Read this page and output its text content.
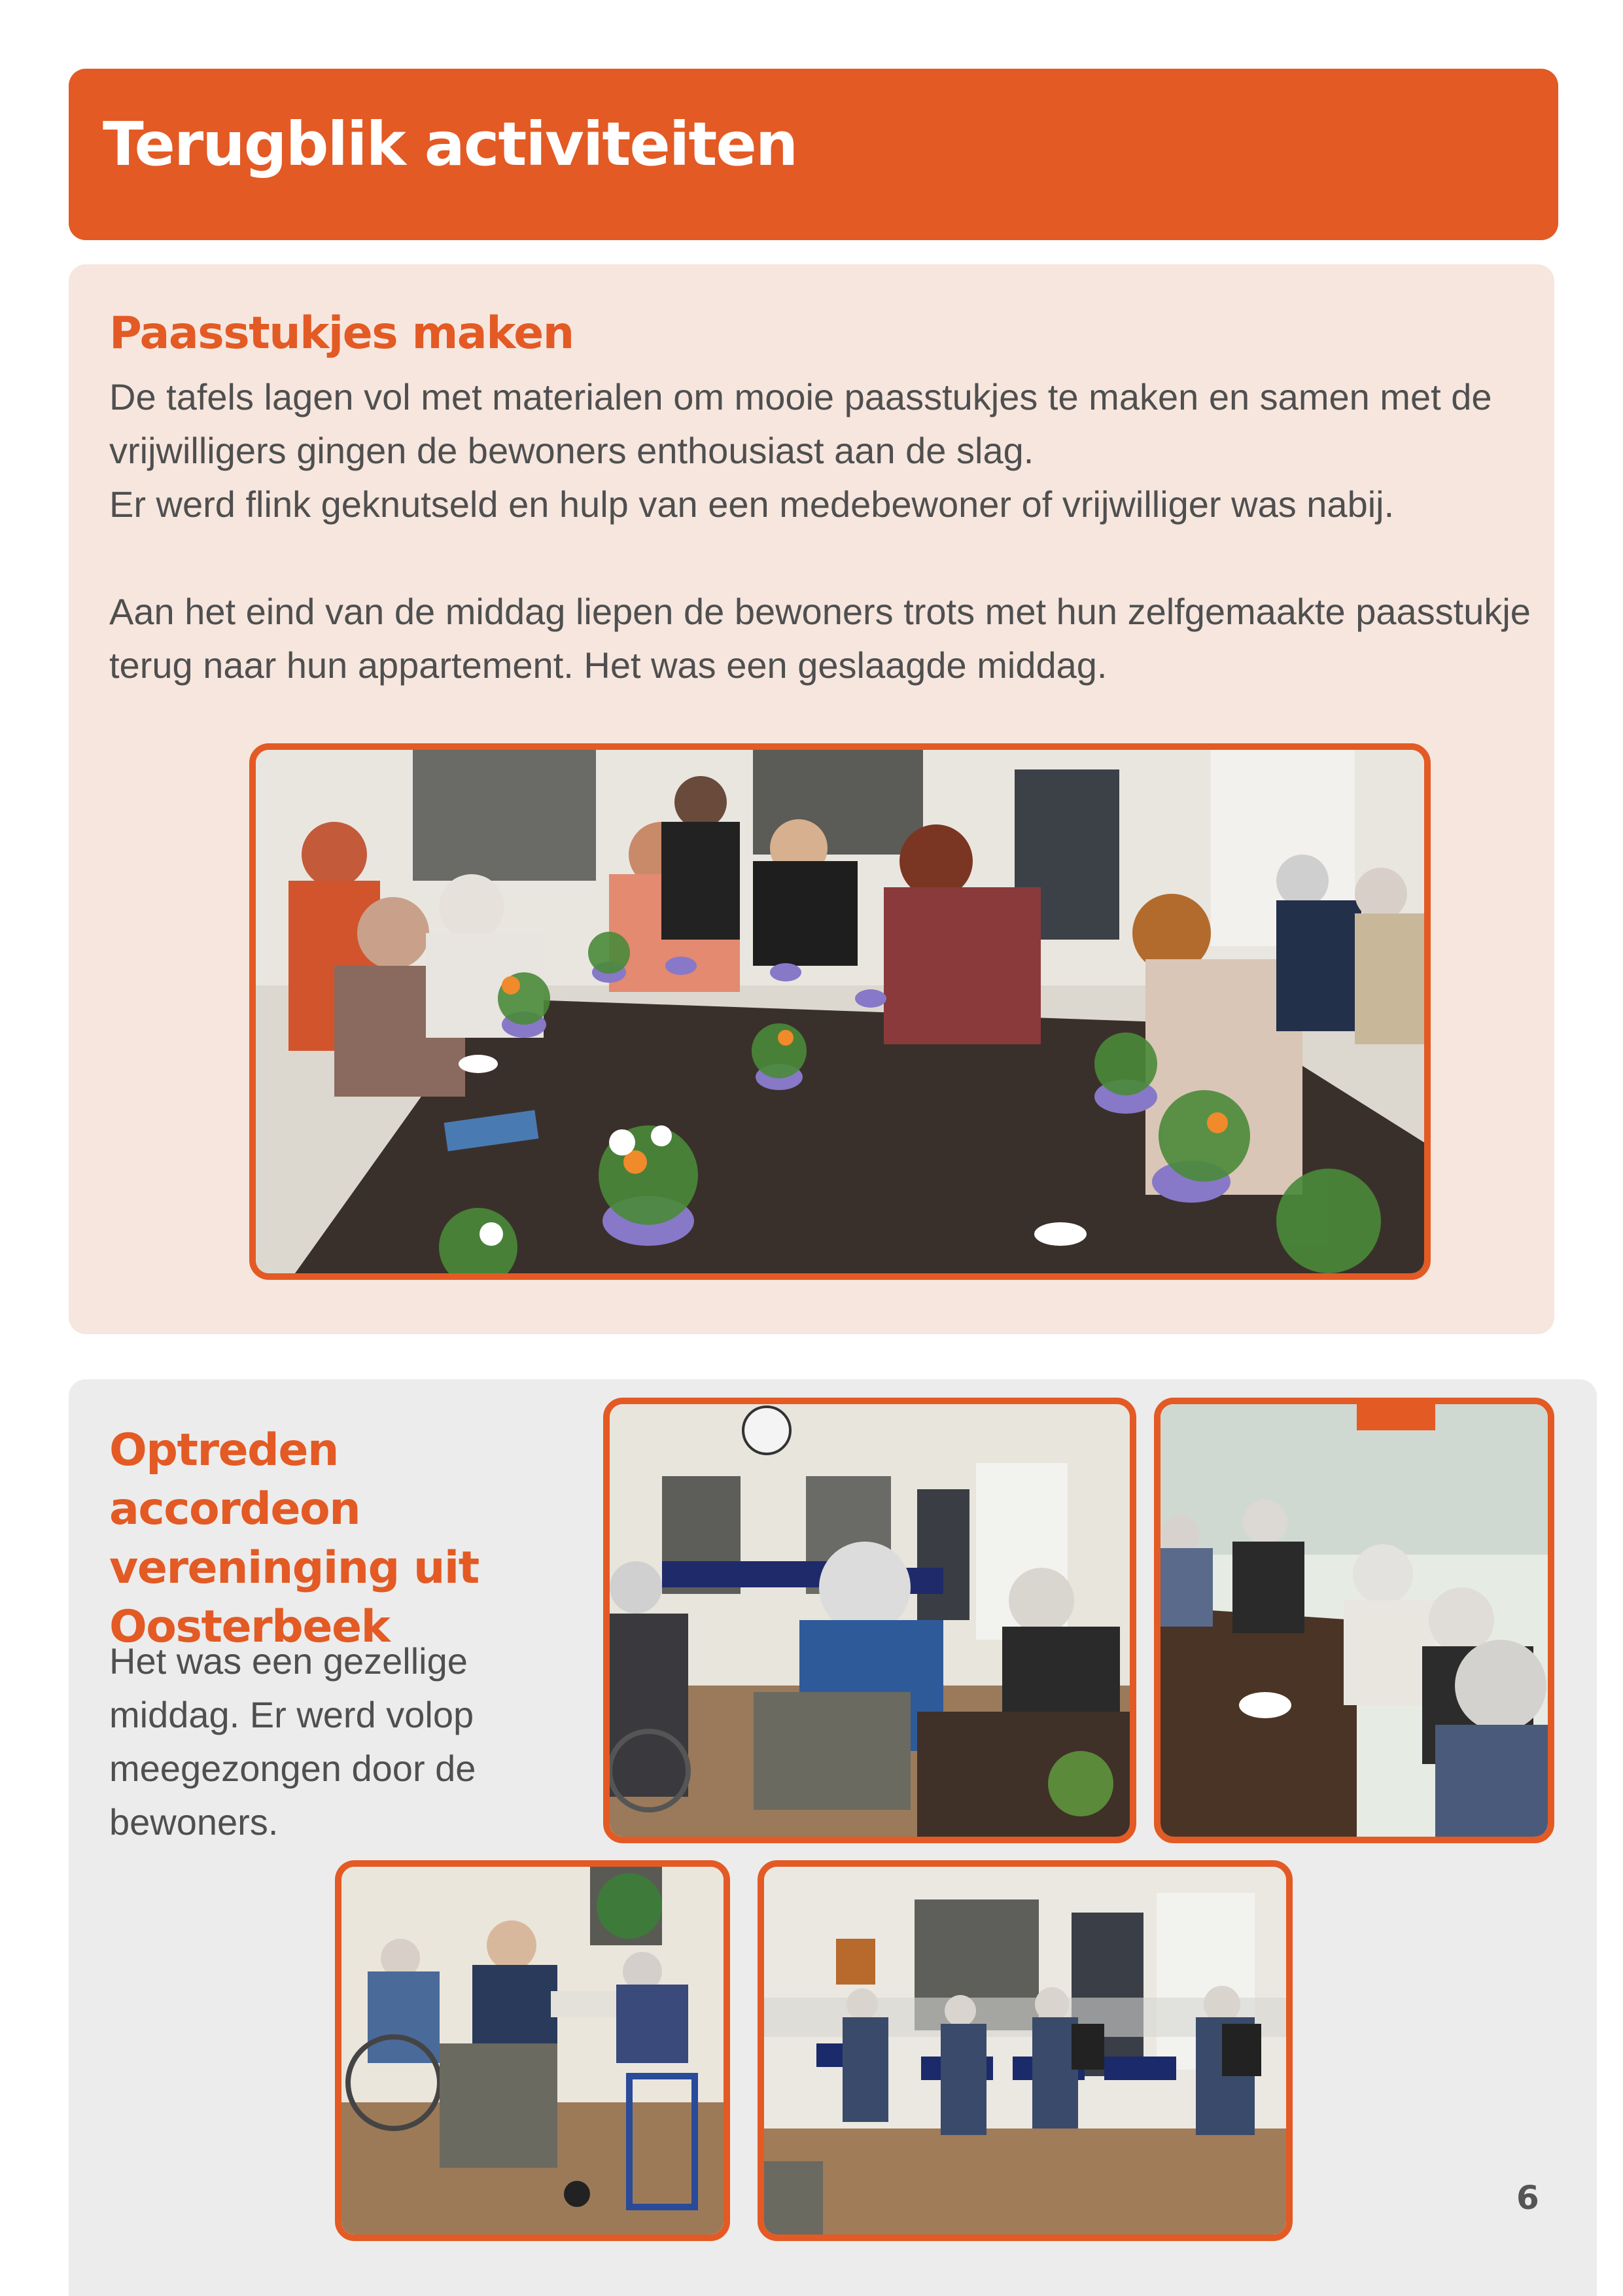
Terugblik activiteiten
Paasstukjes maken
De tafels lagen vol met materialen om mooie paasstukjes te maken en samen met de vrijwilligers gingen de bewoners enthousiast aan de slag.
Er werd flink geknutseld en hulp van een medebewoner of vrijwilliger was nabij.
Aan het eind van de middag liepen de bewoners trots met hun zelfgemaakte paasstukje terug naar hun appartement. Het was een geslaagde middag.
Optreden accordeon
vereninging uit
Oosterbeek

Het was een gezellige middag. Er werd volop meegezongen door de bewoners.

6
